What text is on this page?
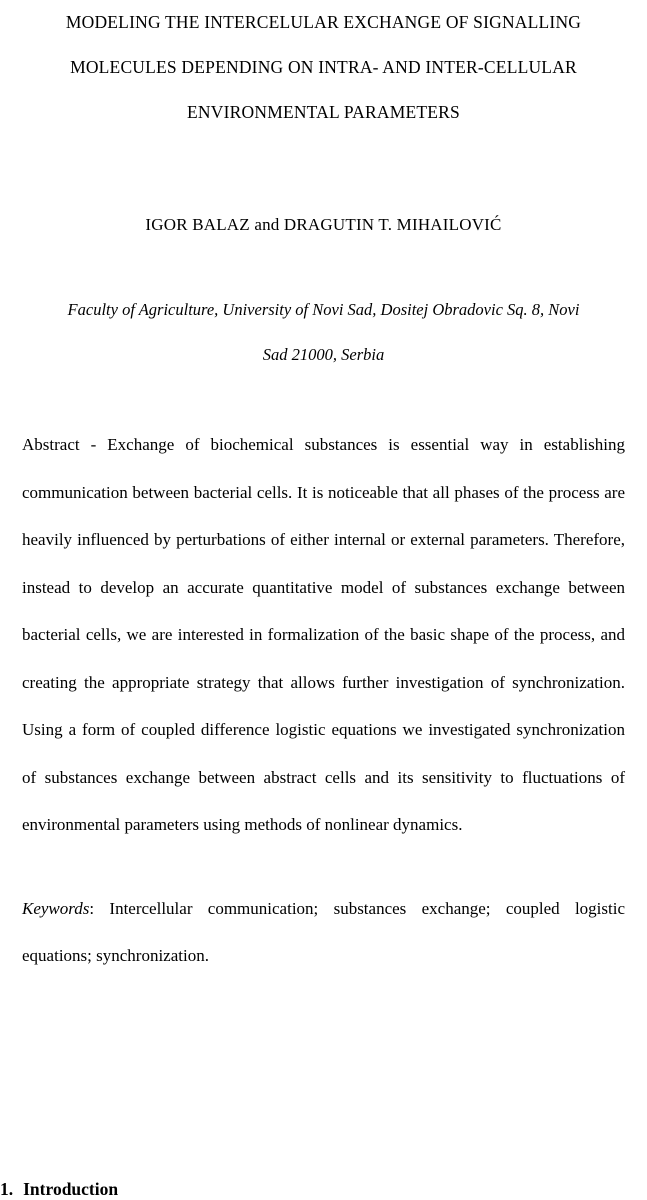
MODELING THE INTERCELULAR EXCHANGE OF SIGNALLING
MOLECULES DEPENDING ON INTRA- AND INTER-CELLULAR
ENVIRONMENTAL PARAMETERS

IGOR BALAZ and DRAGUTIN T. MIHAILOVIĆ

Faculty of Agriculture, University of Novi Sad, Dositej Obradovic Sq. 8, Novi
Sad 21000, Serbia

Abstract - Exchange of biochemical substances is essential way in establishing communication between bacterial cells. It is noticeable that all phases of the process are heavily influenced by perturbations of either internal or external parameters. Therefore, instead to develop an accurate quantitative model of substances exchange between bacterial cells, we are interested in formalization of the basic shape of the process, and creating the appropriate strategy that allows further investigation of synchronization. Using a form of coupled difference logistic equations we investigated synchronization of substances exchange between abstract cells and its sensitivity to fluctuations of environmental parameters using methods of nonlinear dynamics.

Keywords: Intercellular communication; substances exchange; coupled logistic equations; synchronization.

1. Introduction
